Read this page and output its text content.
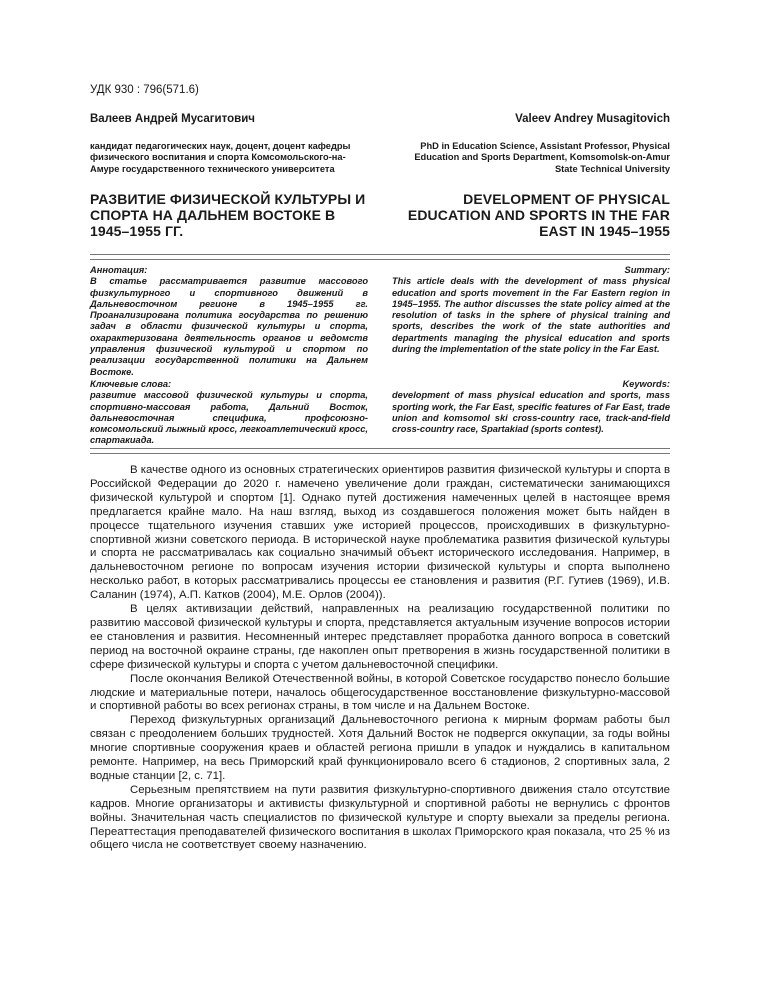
УДК 930 : 796(571.6)
Валеев Андрей Мусагитович	Valeev Andrey Musagitovich
кандидат педагогических наук, доцент, доцент кафедры физического воспитания и спорта Комсомольского-на-Амуре государственного технического университета
PhD in Education Science, Assistant Professor, Physical Education and Sports Department, Komsomolsk-on-Amur State Technical University
РАЗВИТИЕ ФИЗИЧЕСКОЙ КУЛЬТУРЫ И СПОРТА НА ДАЛЬНЕМ ВОСТОКЕ В 1945–1955 ГГ.
DEVELOPMENT OF PHYSICAL EDUCATION AND SPORTS IN THE FAR EAST IN 1945–1955
Аннотация:
В статье рассматривается развитие массового физкультурного и спортивного движений в Дальневосточном регионе в 1945–1955 гг. Проанализирована политика государства по решению задач в области физической культуры и спорта, охарактеризована деятельность органов и ведомств управления физической культурой и спортом по реализации государственной политики на Дальнем Востоке.
Summary:
This article deals with the development of mass physical education and sports movement in the Far Eastern region in 1945–1955. The author discusses the state policy aimed at the resolution of tasks in the sphere of physical training and sports, describes the work of the state authorities and departments managing the physical education and sports during the implementation of the state policy in the Far East.
Ключевые слова:
развитие массовой физической культуры и спорта, спортивно-массовая работа, Дальний Восток, дальневосточная специфика, профсоюзно-комсомольский лыжный кросс, легкоатлетический кросс, спартакиада.
Keywords:
development of mass physical education and sports, mass sporting work, the Far East, specific features of Far East, trade union and komsomol ski cross-country race, track-and-field cross-country race, Spartakiad (sports contest).

В качестве одного из основных стратегических ориентиров развития физической культуры и спорта в Российской Федерации до 2020 г. намечено увеличение доли граждан, систематически занимающихся физической культурой и спортом [1]. Однако путей достижения намеченных целей в настоящее время предлагается крайне мало. На наш взгляд, выход из создавшегося положения может быть найден в процессе тщательного изучения ставших уже историей процессов, происходивших в физкультурно-спортивной жизни советского периода. В исторической науке проблематика развития физической культуры и спорта не рассматривалась как социально значимый объект исторического исследования. Например, в дальневосточном регионе по вопросам изучения истории физической культуры и спорта выполнено несколько работ, в которых рассматривались процессы ее становления и развития (Р.Г. Гутиев (1969), И.В. Саланин (1974), А.П. Катков (2004), М.Е. Орлов (2004)).

В целях активизации действий, направленных на реализацию государственной политики по развитию массовой физической культуры и спорта, представляется актуальным изучение вопросов истории ее становления и развития. Несомненный интерес представляет проработка данного вопроса в советский период на восточной окраине страны, где накоплен опыт претворения в жизнь государственной политики в сфере физической культуры и спорта с учетом дальневосточной специфики.

После окончания Великой Отечественной войны, в которой Советское государство понесло большие людские и материальные потери, началось общегосударственное восстановление физкультурно-массовой и спортивной работы во всех регионах страны, в том числе и на Дальнем Востоке.

Переход физкультурных организаций Дальневосточного региона к мирным формам работы был связан с преодолением больших трудностей. Хотя Дальний Восток не подвергся оккупации, за годы войны многие спортивные сооружения краев и областей региона пришли в упадок и нуждались в капитальном ремонте. Например, на весь Приморский край функционировало всего 6 стадионов, 2 спортивных зала, 2 водные станции [2, с. 71].

Серьезным препятствием на пути развития физкультурно-спортивного движения стало отсутствие кадров. Многие организаторы и активисты физкультурной и спортивной работы не вернулись с фронтов войны. Значительная часть специалистов по физической культуре и спорту выехали за пределы региона. Переаттестация преподавателей физического воспитания в школах Приморского края показала, что 25 % из общего числа не соответствует своему назначению.
